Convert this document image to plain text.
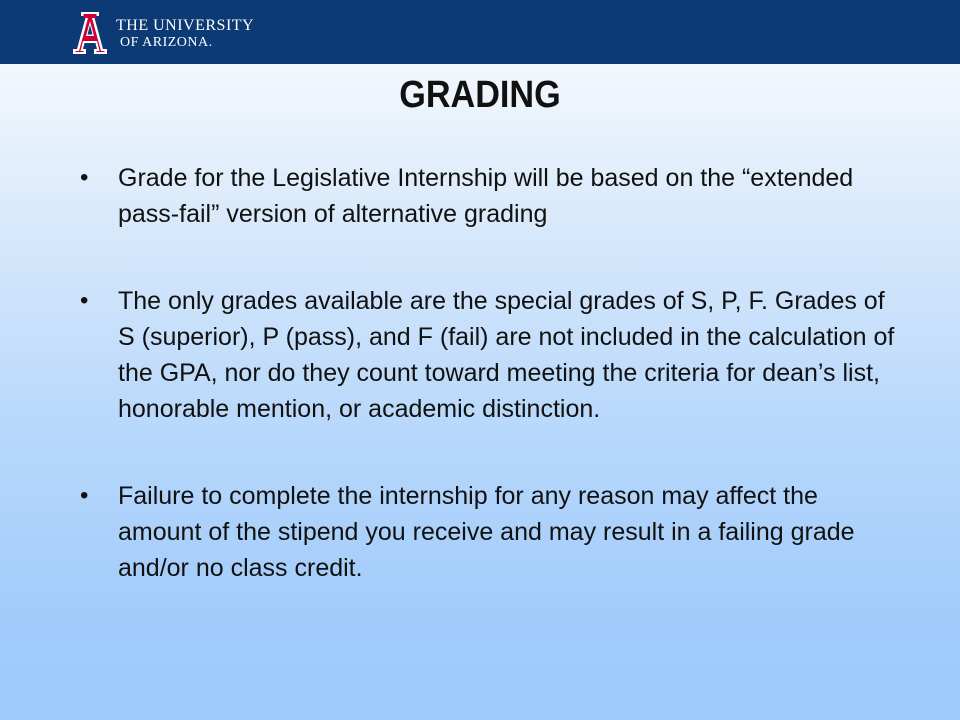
THE UNIVERSITY
OF ARIZONA.
GRADING
•	Grade for the Legislative Internship will be based on the “extended pass-fail” version of alternative grading
•	The only grades available are the special grades of S, P, F. Grades of S (superior), P (pass), and F (fail) are not included in the calculation of the GPA, nor do they count toward meeting the criteria for dean’s list, honorable mention, or academic distinction.
•	Failure to complete the internship for any reason may affect the amount of the stipend you receive and may result in a failing grade and/or no class credit.
